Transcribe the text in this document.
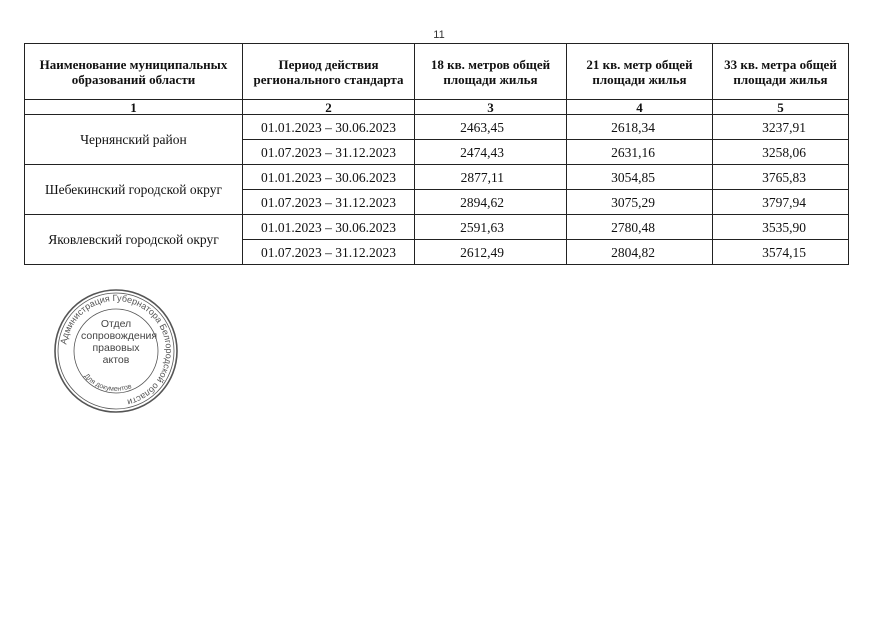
11
Наименование муниципальных образований области	Период действия регионального стандарта	18 кв. метров общей площади жилья	21 кв. метр общей площади жилья	33 кв. метра общей площади жилья
1	2	3	4	5
Чернянский район	01.01.2023 – 30.06.2023	2463,45	2618,34	3237,91
	01.07.2023 – 31.12.2023	2474,43	2631,16	3258,06
Шебекинский городской округ	01.01.2023 – 30.06.2023	2877,11	3054,85	3765,83
	01.07.2023 – 31.12.2023	2894,62	3075,29	3797,94
Яковлевский городской округ	01.01.2023 – 30.06.2023	2591,63	2780,48	3535,90
	01.07.2023 – 31.12.2023	2612,49	2804,82	3574,15
Администрация Губернатора Белгородской области
Для документов
Отдел
сопровождения
правовых
актов
